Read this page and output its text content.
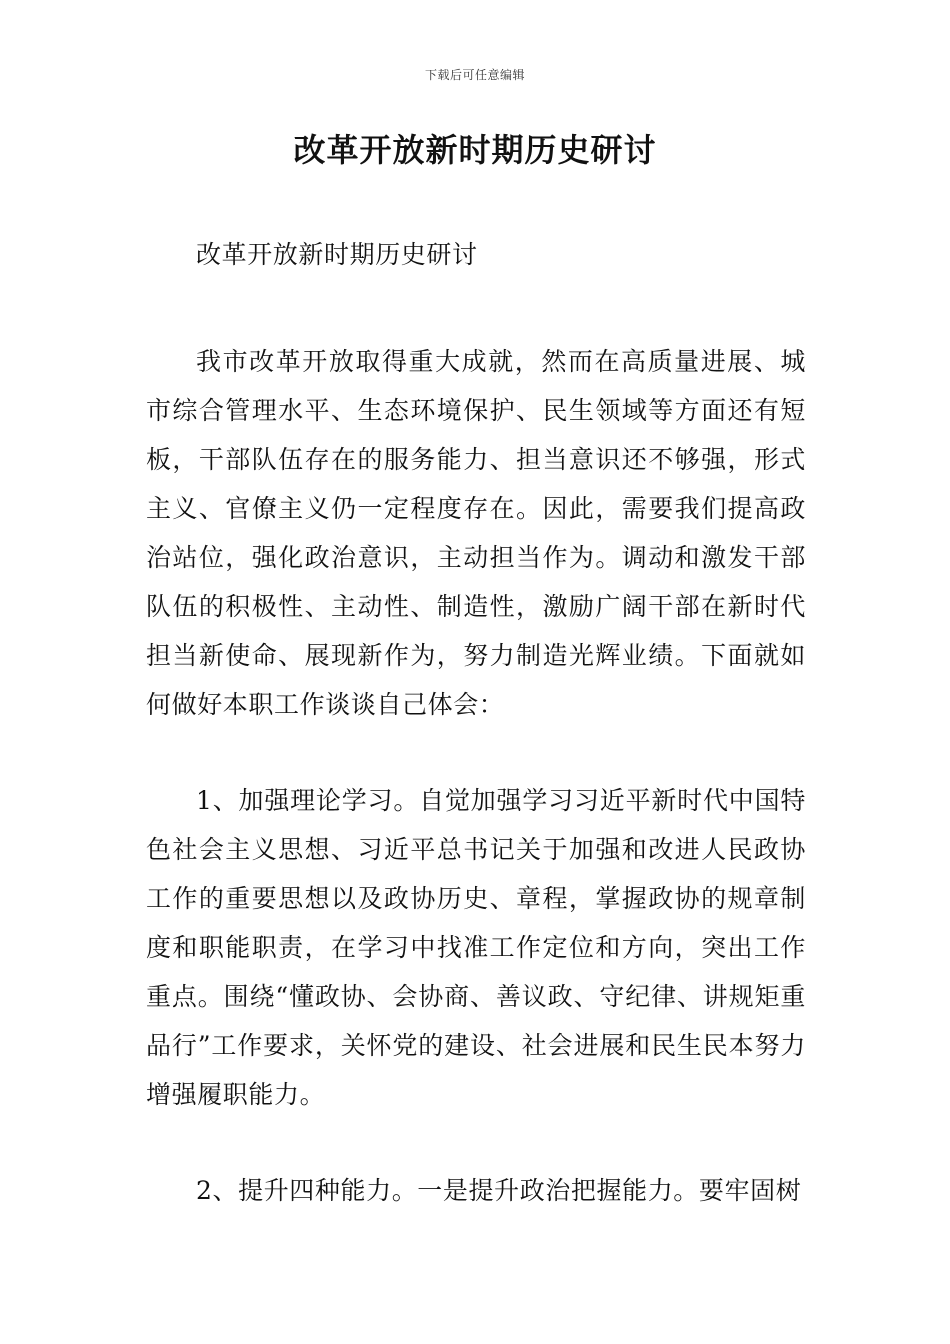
下载后可任意编辑
改革开放新时期历史研讨

改革开放新时期历史研讨

我市改革开放取得重大成就，然而在高质量进展、城市综合管理水平、生态环境保护、民生领域等方面还有短板，干部队伍存在的服务能力、担当意识还不够强，形式主义、官僚主义仍一定程度存在。因此，需要我们提高政治站位，强化政治意识，主动担当作为。调动和激发干部队伍的积极性、主动性、制造性，激励广阔干部在新时代担当新使命、展现新作为，努力制造光辉业绩。下面就如何做好本职工作谈谈自己体会：

1、加强理论学习。自觉加强学习习近平新时代中国特色社会主义思想、习近平总书记关于加强和改进人民政协工作的重要思想以及政协历史、章程，掌握政协的规章制度和职能职责，在学习中找准工作定位和方向，突出工作重点。围绕“懂政协、会协商、善议政、守纪律、讲规矩重品行”工作要求，关怀党的建设、社会进展和民生民本努力增强履职能力。

2、提升四种能力。一是提升政治把握能力。要牢固树
